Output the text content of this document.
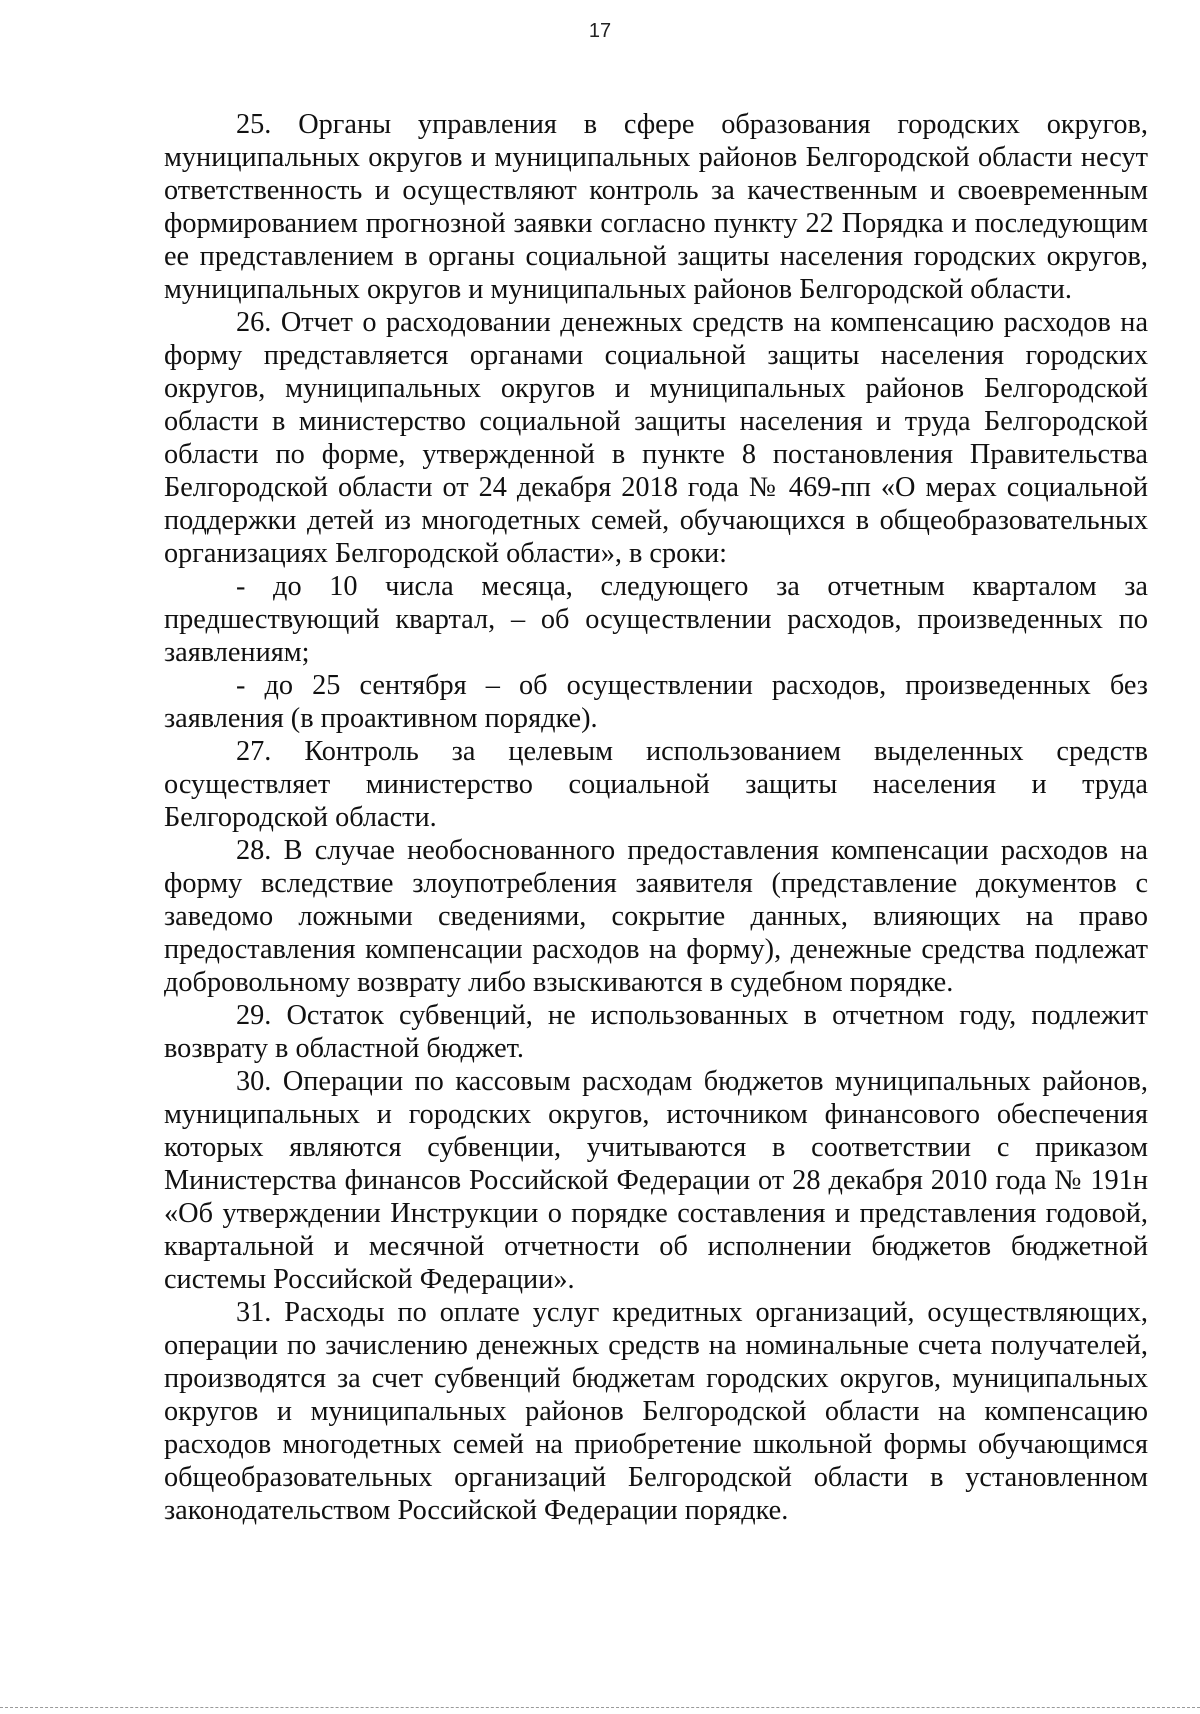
17

25. Органы управления в сфере образования городских округов, муниципальных округов и муниципальных районов Белгородской области несут ответственность и осуществляют контроль за качественным и своевременным формированием прогнозной заявки согласно пункту 22 Порядка и последующим ее представлением в органы социальной защиты населения городских округов, муниципальных округов и муниципальных районов Белгородской области.

26. Отчет о расходовании денежных средств на компенсацию расходов на форму представляется органами социальной защиты населения городских округов, муниципальных округов и муниципальных районов Белгородской области в министерство социальной защиты населения и труда Белгородской области по форме, утвержденной в пункте 8 постановления Правительства Белгородской области от 24 декабря 2018 года № 469-пп «О мерах социальной поддержки детей из многодетных семей, обучающихся в общеобразовательных организациях Белгородской области», в сроки:

- до 10 числа месяца, следующего за отчетным кварталом за предшествующий квартал, – об осуществлении расходов, произведенных по заявлениям;

- до 25 сентября – об осуществлении расходов, произведенных без заявления (в проактивном порядке).

27. Контроль за целевым использованием выделенных средств осуществляет министерство социальной защиты населения и труда Белгородской области.

28. В случае необоснованного предоставления компенсации расходов на форму вследствие злоупотребления заявителя (представление документов с заведомо ложными сведениями, сокрытие данных, влияющих на право предоставления компенсации расходов на форму), денежные средства подлежат добровольному возврату либо взыскиваются в судебном порядке.

29. Остаток субвенций, не использованных в отчетном году, подлежит возврату в областной бюджет.

30. Операции по кассовым расходам бюджетов муниципальных районов, муниципальных и городских округов, источником финансового обеспечения которых являются субвенции, учитываются в соответствии с приказом Министерства финансов Российской Федерации от 28 декабря 2010 года № 191н «Об утверждении Инструкции о порядке составления и представления годовой, квартальной и месячной отчетности об исполнении бюджетов бюджетной системы Российской Федерации».

31. Расходы по оплате услуг кредитных организаций, осуществляющих, операции по зачислению денежных средств на номинальные счета получателей, производятся за счет субвенций бюджетам городских округов, муниципальных округов и муниципальных районов Белгородской области на компенсацию расходов многодетных семей на приобретение школьной формы обучающимся общеобразовательных организаций Белгородской области в установленном законодательством Российской Федерации порядке.
